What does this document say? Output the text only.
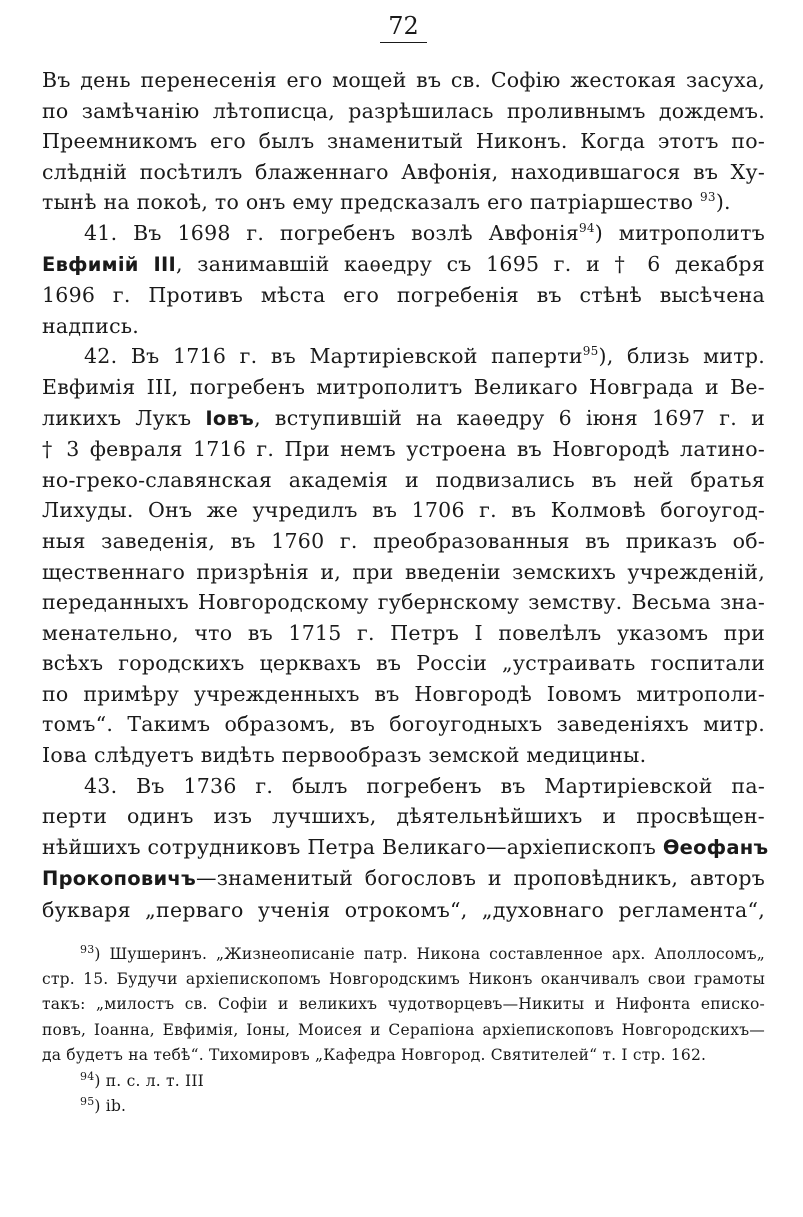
72
Въ день перенесенія его мощей въ св. Софію жестокая засуха,
по замѣчанію лѣтописца, разрѣшилась проливнымъ дождемъ.
Преемникомъ его былъ знаменитый Никонъ. Когда этотъ по-
слѣдній посѣтилъ блаженнаго Авфонія, находившагося въ Ху-
тынѣ на покоѣ, то онъ ему предсказалъ его патріаршество $^{93}$).
41. Въ 1698 г. погребенъ возлѣ Авфонія$^{94}$) митрополитъ
Евфимій III, занимавшій каѳедру съ 1695 г. и † 6 декабря
1696 г. Противъ мѣста его погребенія въ стѣнѣ высѣчена
надпись.
42. Въ 1716 г. въ Мартиріевской паперти$^{95}$), близь митр.
Евфимія III, погребенъ митрополитъ Великаго Новграда и Ве-
ликихъ Лукъ Іовъ, вступившій на каѳедру 6 іюня 1697 г. и
† 3 февраля 1716 г. При немъ устроена въ Новгородѣ латино-
но-греко-славянская академія и подвизались въ ней братья
Лихуды. Онъ же учредилъ въ 1706 г. въ Колмовѣ богоугод-
ныя заведенія, въ 1760 г. преобразованныя въ приказъ об-
щественнаго призрѣнія и, при введеніи земскихъ учрежденій,
переданныхъ Новгородскому губернскому земству. Весьма зна-
менательно, что въ 1715 г. Петръ I повелѣлъ указомъ при
всѣхъ городскихъ церквахъ въ Россіи „устраивать госпитали
по примѣру учрежденныхъ въ Новгородѣ Іовомъ митрополи-
томъ“. Такимъ образомъ, въ богоугодныхъ заведеніяхъ митр.
Іова слѣдуетъ видѣть первообразъ земской медицины.
43. Въ 1736 г. былъ погребенъ въ Мартиріевской па-
перти одинъ изъ лучшихъ, дѣятельнѣйшихъ и просвѣщен-
нѣйшихъ сотрудниковъ Петра Великаго—архіепископъ Ѳеофанъ
Прокоповичъ—знаменитый богословъ и проповѣдникъ, авторъ
букваря „перваго ученія отрокомъ“, „духовнаго регламента“,
$^{93}$) Шушеринъ. „Жизнеописаніе патр. Никона составленное арх. Аполлосомъ„
стр. 15. Будучи архіепископомъ Новгородскимъ Никонъ оканчивалъ свои грамоты
такъ: „милостъ св. Софіи и великихъ чудотворцевъ—Никиты и Нифонта еписко-
повъ, Іоанна, Евфимія, Іоны, Моисея и Серапіона архіепископовъ Новгородскихъ—
да будетъ на тебѣ“. Тихомировъ „Кафедра Новгород. Святителей“ т. I стр. 162.
$^{94}$) п. с. л. т. III
$^{95}$) ib.
